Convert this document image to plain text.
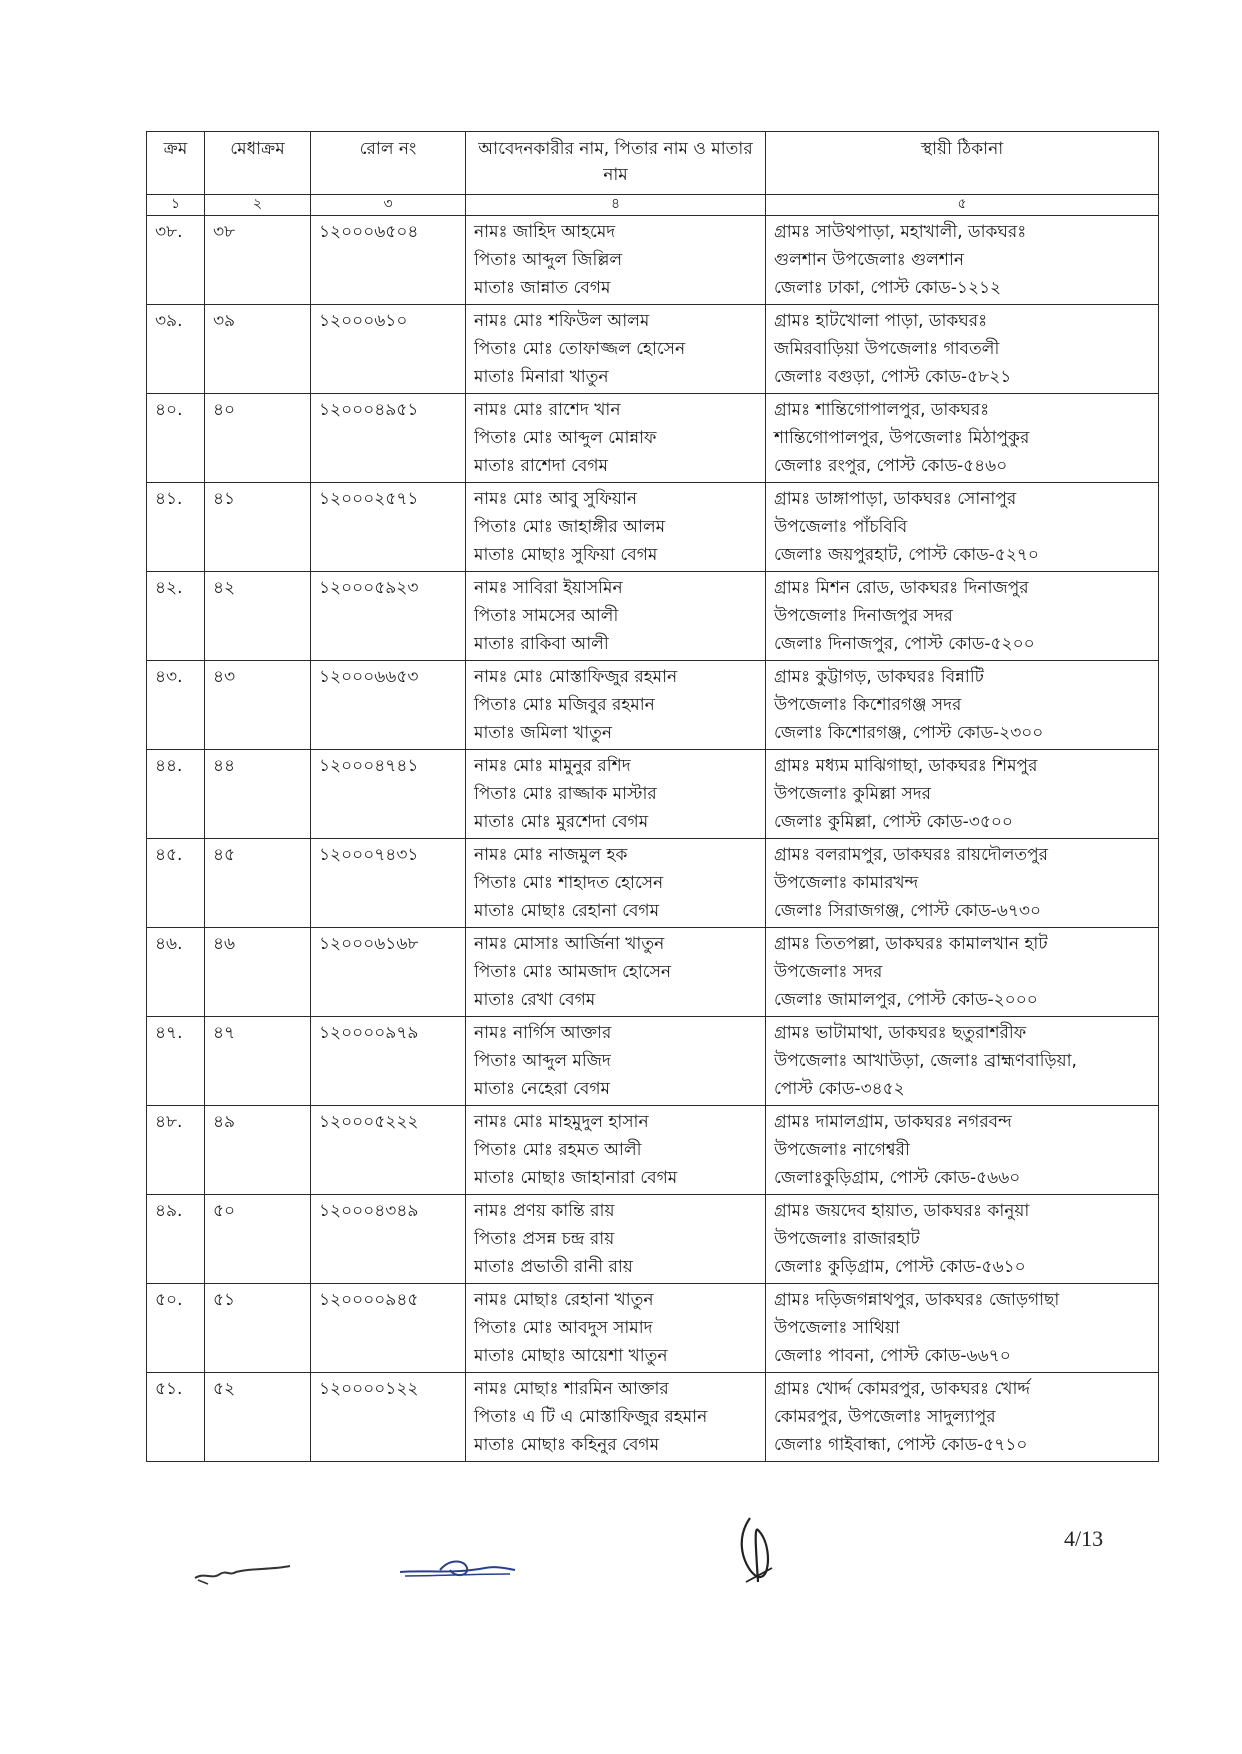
ক্রম	মেধাক্রম	রোল নং	আবেদনকারীর নাম, পিতার নাম ও মাতার নাম	স্থায়ী ঠিকানা
১	২	৩	৪	৫
৩৮.	৩৮	১২০০০৬৫০৪	নামঃ জাহিদ আহমেদ
পিতাঃ আব্দুল জিল্লিল
মাতাঃ জান্নাত বেগম	গ্রামঃ সাউথপাড়া, মহাখালী, ডাকঘরঃ
গুলশান উপজেলাঃ গুলশান
জেলাঃ ঢাকা, পোস্ট কোড-১২১২

৩৯.	৩৯	১২০০০৬১০	নামঃ মোঃ শফিউল আলম
পিতাঃ মোঃ তোফাজ্জল হোসেন
মাতাঃ মিনারা খাতুন	গ্রামঃ হাটখোলা পাড়া, ডাকঘরঃ
জমিরবাড়িয়া উপজেলাঃ গাবতলী
জেলাঃ বগুড়া, পোস্ট কোড-৫৮২১

৪০.	৪০	১২০০০৪৯৫১	নামঃ মোঃ রাশেদ খান
পিতাঃ মোঃ আব্দুল মোন্নাফ
মাতাঃ রাশেদা বেগম	গ্রামঃ শান্তিগোপালপুর, ডাকঘরঃ
শান্তিগোপালপুর, উপজেলাঃ মিঠাপুকুর
জেলাঃ রংপুর, পোস্ট কোড-৫৪৬০

৪১.	৪১	১২০০০২৫৭১	নামঃ মোঃ আবু সুফিয়ান
পিতাঃ মোঃ জাহাঙ্গীর আলম
মাতাঃ মোছাঃ সুফিয়া বেগম	গ্রামঃ ডাঙ্গাপাড়া, ডাকঘরঃ সোনাপুর
উপজেলাঃ পাঁচবিবি
জেলাঃ জয়পুরহাট, পোস্ট কোড-৫২৭০

৪২.	৪২	১২০০০৫৯২৩	নামঃ সাবিরা ইয়াসমিন
পিতাঃ সামসের আলী
মাতাঃ রাকিবা আলী	গ্রামঃ মিশন রোড, ডাকঘরঃ দিনাজপুর
উপজেলাঃ দিনাজপুর সদর
জেলাঃ দিনাজপুর, পোস্ট কোড-৫২০০

৪৩.	৪৩	১২০০০৬৬৫৩	নামঃ মোঃ মোস্তাফিজুর রহমান
পিতাঃ মোঃ মজিবুর রহমান
মাতাঃ জমিলা খাতুন	গ্রামঃ কুট্টাগড়, ডাকঘরঃ বিন্নাটি
উপজেলাঃ কিশোরগঞ্জ সদর
জেলাঃ কিশোরগঞ্জ, পোস্ট কোড-২৩০০

৪৪.	৪৪	১২০০০৪৭৪১	নামঃ মোঃ মামুনুর রশিদ
পিতাঃ মোঃ রাজ্জাক মাস্টার
মাতাঃ মোঃ মুরশেদা বেগম	গ্রামঃ মধ্যম মাঝিগাছা, ডাকঘরঃ শিমপুর
উপজেলাঃ কুমিল্লা সদর
জেলাঃ কুমিল্লা, পোস্ট কোড-৩৫০০

৪৫.	৪৫	১২০০০৭৪৩১	নামঃ মোঃ নাজমুল হক
পিতাঃ মোঃ শাহাদত হোসেন
মাতাঃ মোছাঃ রেহানা বেগম	গ্রামঃ বলরামপুর, ডাকঘরঃ রায়দৌলতপুর
উপজেলাঃ কামারখন্দ
জেলাঃ সিরাজগঞ্জ, পোস্ট কোড-৬৭৩০

৪৬.	৪৬	১২০০০৬১৬৮	নামঃ মোসাঃ আর্জিনা খাতুন
পিতাঃ মোঃ আমজাদ হোসেন
মাতাঃ রেখা বেগম	গ্রামঃ তিতপল্লা, ডাকঘরঃ কামালখান হাট
উপজেলাঃ সদর
জেলাঃ জামালপুর, পোস্ট কোড-২০০০

৪৭.	৪৭	১২০০০০৯৭৯	নামঃ নার্গিস আক্তার
পিতাঃ আব্দুল মজিদ
মাতাঃ নেহেরা বেগম	গ্রামঃ ভাটামাথা, ডাকঘরঃ ছতুরাশরীফ
উপজেলাঃ আখাউড়া, জেলাঃ ব্রাহ্মণবাড়িয়া,
পোস্ট কোড-৩৪৫২

৪৮.	৪৯	১২০০০৫২২২	নামঃ মোঃ মাহমুদুল হাসান
পিতাঃ মোঃ রহমত আলী
মাতাঃ মোছাঃ জাহানারা বেগম	গ্রামঃ দামালগ্রাম, ডাকঘরঃ নগরবন্দ
উপজেলাঃ নাগেশ্বরী
জেলাঃকুড়িগ্রাম, পোস্ট কোড-৫৬৬০

৪৯.	৫০	১২০০০৪৩৪৯	নামঃ প্রণয় কান্তি রায়
পিতাঃ প্রসন্ন চন্দ্র রায়
মাতাঃ প্রভাতী রানী রায়	গ্রামঃ জয়দেব হায়াত, ডাকঘরঃ কানুয়া
উপজেলাঃ রাজারহাট
জেলাঃ কুড়িগ্রাম, পোস্ট কোড-৫৬১০

৫০.	৫১	১২০০০০৯৪৫	নামঃ মোছাঃ রেহানা খাতুন
পিতাঃ মোঃ আবদুস সামাদ
মাতাঃ মোছাঃ আয়েশা খাতুন	গ্রামঃ দড়িজগন্নাথপুর, ডাকঘরঃ জোড়গাছা
উপজেলাঃ সাথিয়া
জেলাঃ পাবনা, পোস্ট কোড-৬৬৭০

৫১.	৫২	১২০০০০১২২	নামঃ মোছাঃ শারমিন আক্তার
পিতাঃ এ টি এ মোস্তাফিজুর রহমান
মাতাঃ মোছাঃ কহিনুর বেগম	গ্রামঃ খোর্দ্দ কোমরপুর, ডাকঘরঃ খোর্দ্দ
কোমরপুর, উপজেলাঃ সাদুল্যাপুর
জেলাঃ গাইবান্ধা, পোস্ট কোড-৫৭১০
4/13
